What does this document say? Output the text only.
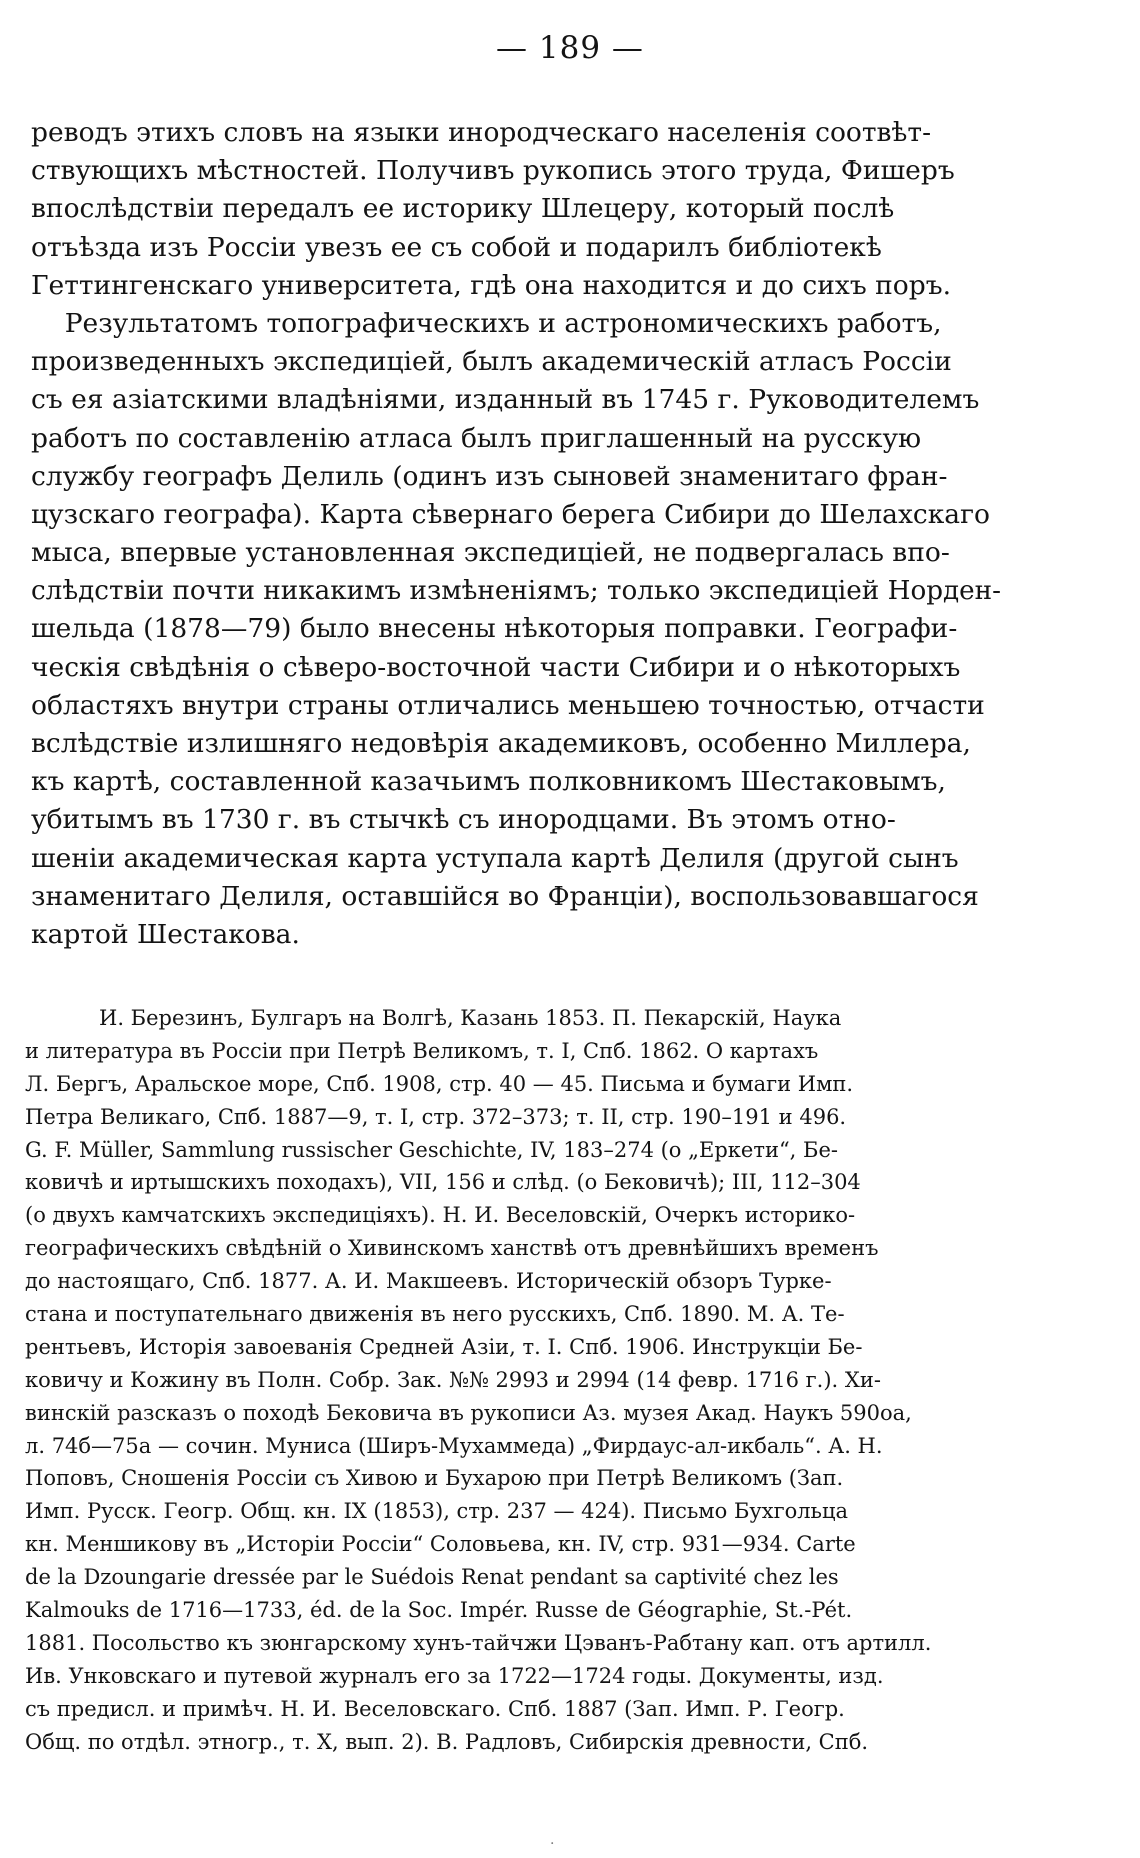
— 189 —
реводъ этихъ словъ на языки инородческаго населенія соотвѣт-
ствующихъ мѣстностей. Получивъ рукопись этого труда, Фишеръ
впослѣдствіи передалъ ее историку Шлецеру, который послѣ
отъѣзда изъ Россіи увезъ ее съ собой и подарилъ библіотекѣ
Геттингенскаго университета, гдѣ она находится и до сихъ поръ.
Результатомъ топографическихъ и астрономическихъ работъ,
произведенныхъ экспедиціей, былъ академическій атласъ Россіи
съ ея азіатскими владѣніями, изданный въ 1745 г. Руководителемъ
работъ по составленію атласа былъ приглашенный на русскую
службу географъ Делиль (одинъ изъ сыновей знаменитаго фран-
цузскаго географа). Карта сѣвернаго берега Сибири до Шелахскаго
мыса, впервые установленная экспедиціей, не подвергалась впо-
слѣдствіи почти никакимъ измѣненіямъ; только экспедиціей Норден-
шельда (1878—79) было внесены нѣкоторыя поправки. Географи-
ческія свѣдѣнія о сѣверо-восточной части Сибири и о нѣкоторыхъ
областяхъ внутри страны отличались меньшею точностью, отчасти
вслѣдствіе излишняго недовѣрія академиковъ, особенно Миллера,
къ картѣ, составленной казачьимъ полковникомъ Шестаковымъ,
убитымъ въ 1730 г. въ стычкѣ съ инородцами. Въ этомъ отно-
шеніи академическая карта уступала картѣ Делиля (другой сынъ
знаменитаго Делиля, оставшійся во Франціи), воспользовавшагося
картой Шестакова.
И. Березинъ, Булгаръ на Волгѣ, Казань 1853. П. Пекарскій, Наука
и литература въ Россіи при Петрѣ Великомъ, т. I, Спб. 1862. О картахъ
Л. Бергъ, Аральское море, Спб. 1908, стр. 40 — 45. Письма и бумаги Имп.
Петра Великаго, Спб. 1887—9, т. I, стр. 372–373; т. II, стр. 190–191 и 496.
G. F. Müller, Sammlung russischer Geschichte, IV, 183–274 (о „Еркети“, Бе-
ковичѣ и иртышскихъ походахъ), VII, 156 и слѣд. (о Бековичѣ); III, 112–304
(о двухъ камчатскихъ экспедиціяхъ). Н. И. Веселовскій, Очеркъ историко-
географическихъ свѣдѣній о Хивинскомъ ханствѣ отъ древнѣйшихъ временъ
до настоящаго, Спб. 1877. А. И. Макшеевъ. Историческій обзоръ Турке-
стана и поступательнаго движенія въ него русскихъ, Спб. 1890. М. А. Те-
рентьевъ, Исторія завоеванія Средней Азіи, т. I. Спб. 1906. Инструкціи Бе-
ковичу и Кожину въ Полн. Собр. Зак. №№ 2993 и 2994 (14 февр. 1716 г.). Хи-
винскій разсказъ о походѣ Бековича въ рукописи Аз. музея Акад. Наукъ 590оа,
л. 74б—75а — сочин. Муниса (Ширъ-Мухаммеда) „Фирдаус-ал-икбаль“. А. Н.
Поповъ, Сношенія Россіи съ Хивою и Бухарою при Петрѣ Великомъ (Зап.
Имп. Русск. Геогр. Общ. кн. IX (1853), стр. 237 — 424). Письмо Бухгольца
кн. Меншикову въ „Исторіи Россіи“ Соловьева, кн. IV, стр. 931—934. Carte
de la Dzoungarie dressée par le Suédois Renat pendant sa captivité chez les
Kalmouks de 1716—1733, éd. de la Soc. Impér. Russe de Géographie, St.-Pét.
1881. Посольство къ зюнгарскому хунъ-тайчжи Цэванъ-Рабтану кап. отъ артилл.
Ив. Унковскаго и путевой журналъ его за 1722—1724 годы. Документы, изд.
съ предисл. и примѣч. Н. И. Веселовскаго. Спб. 1887 (Зап. Имп. Р. Геогр.
Общ. по отдѣл. этногр., т. X, вып. 2). В. Радловъ, Сибирскія древности, Спб.
·
